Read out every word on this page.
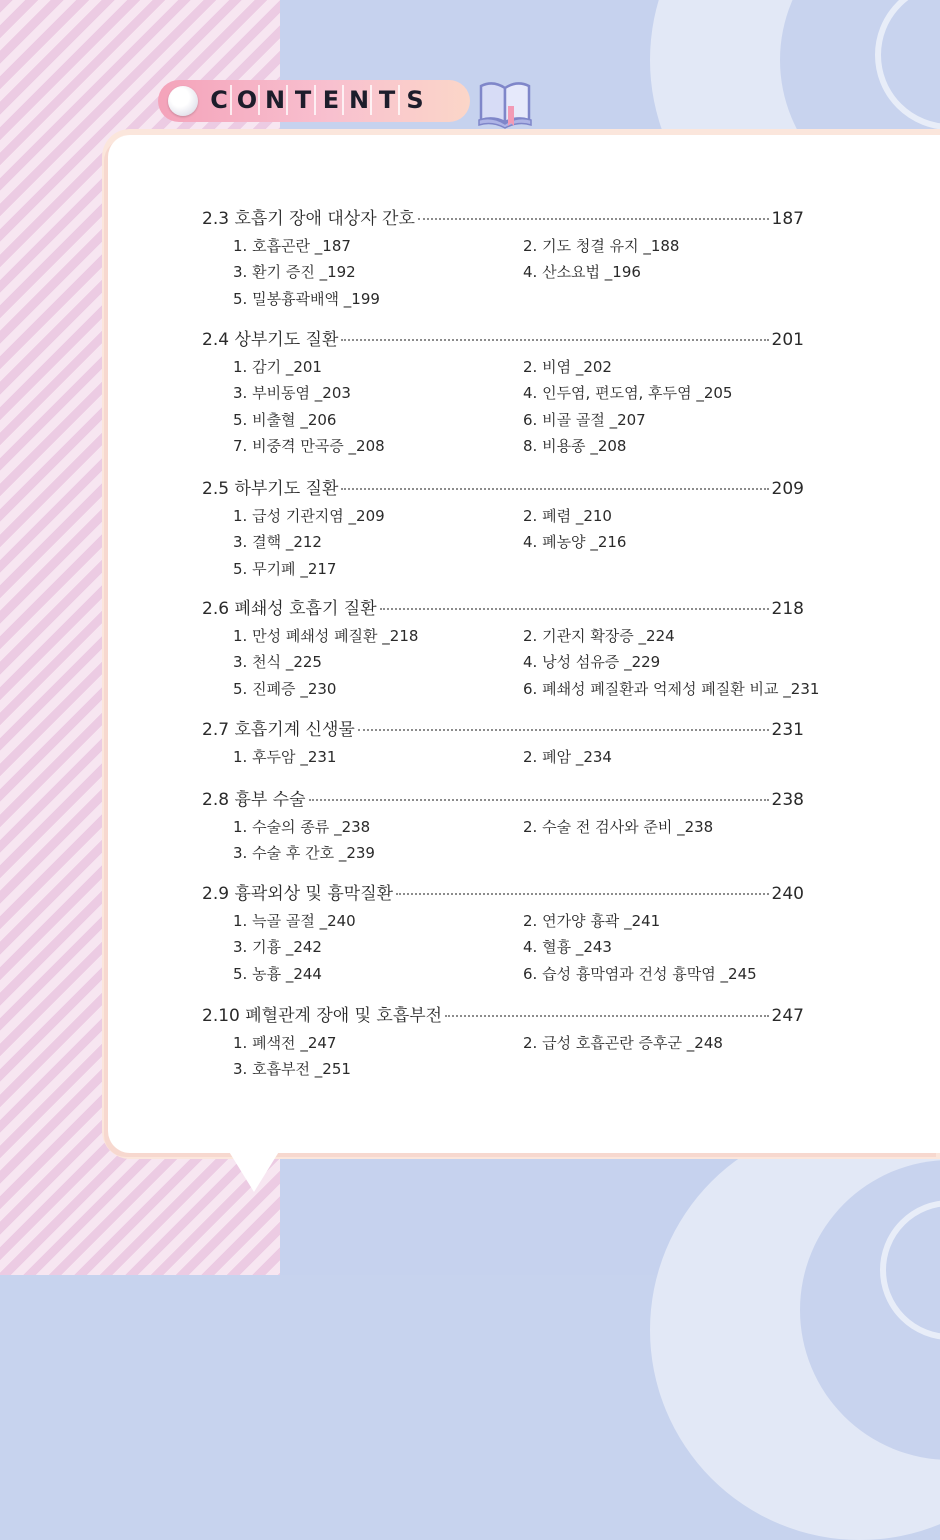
C O N T E N T S
2.3 호흡기 장애 대상자 간호	187
1. 호흡곤란 _187	2. 기도 청결 유지 _188
3. 환기 증진 _192	4. 산소요법 _196
5. 밀봉흉곽배액 _199
2.4 상부기도 질환	201
1. 감기 _201	2. 비염 _202
3. 부비동염 _203	4. 인두염, 편도염, 후두염 _205
5. 비출혈 _206	6. 비골 골절 _207
7. 비중격 만곡증 _208	8. 비용종 _208
2.5 하부기도 질환	209
1. 급성 기관지염 _209	2. 폐렴 _210
3. 결핵 _212	4. 폐농양 _216
5. 무기폐 _217
2.6 폐쇄성 호흡기 질환	218
1. 만성 폐쇄성 폐질환 _218	2. 기관지 확장증 _224
3. 천식 _225	4. 낭성 섬유증 _229
5. 진폐증 _230	6. 폐쇄성 폐질환과 억제성 폐질환 비교 _231
2.7 호흡기계 신생물	231
1. 후두암 _231	2. 폐암 _234
2.8 흉부 수술	238
1. 수술의 종류 _238	2. 수술 전 검사와 준비 _238
3. 수술 후 간호 _239
2.9 흉곽외상 및 흉막질환	240
1. 늑골 골절 _240	2. 연가양 흉곽 _241
3. 기흉 _242	4. 혈흉 _243
5. 농흉 _244	6. 습성 흉막염과 건성 흉막염 _245
2.10 폐혈관계 장애 및 호흡부전	247
1. 폐색전 _247	2. 급성 호흡곤란 증후군 _248
3. 호흡부전 _251
